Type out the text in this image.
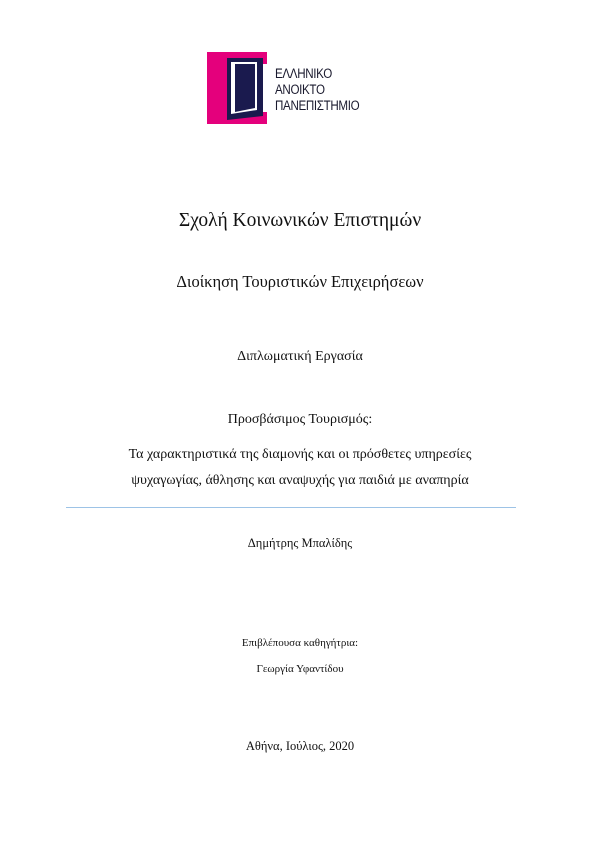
ΕΛΛΗΝΙΚΟ
ΑΝΟΙΚΤΟ
ΠΑΝΕΠΙΣΤΗΜΙΟ
Σχολή Κοινωνικών Επιστημών
Διοίκηση Τουριστικών Επιχειρήσεων
Διπλωματική Εργασία
Προσβάσιμος Τουρισμός:
Τα χαρακτηριστικά της διαμονής και οι πρόσθετες υπηρεσίες
ψυχαγωγίας, άθλησης και αναψυχής για παιδιά με αναπηρία
Δημήτρης Μπαλίδης
Επιβλέπουσα καθηγήτρια:
Γεωργία Υφαντίδου
Αθήνα, Ιούλιος, 2020
